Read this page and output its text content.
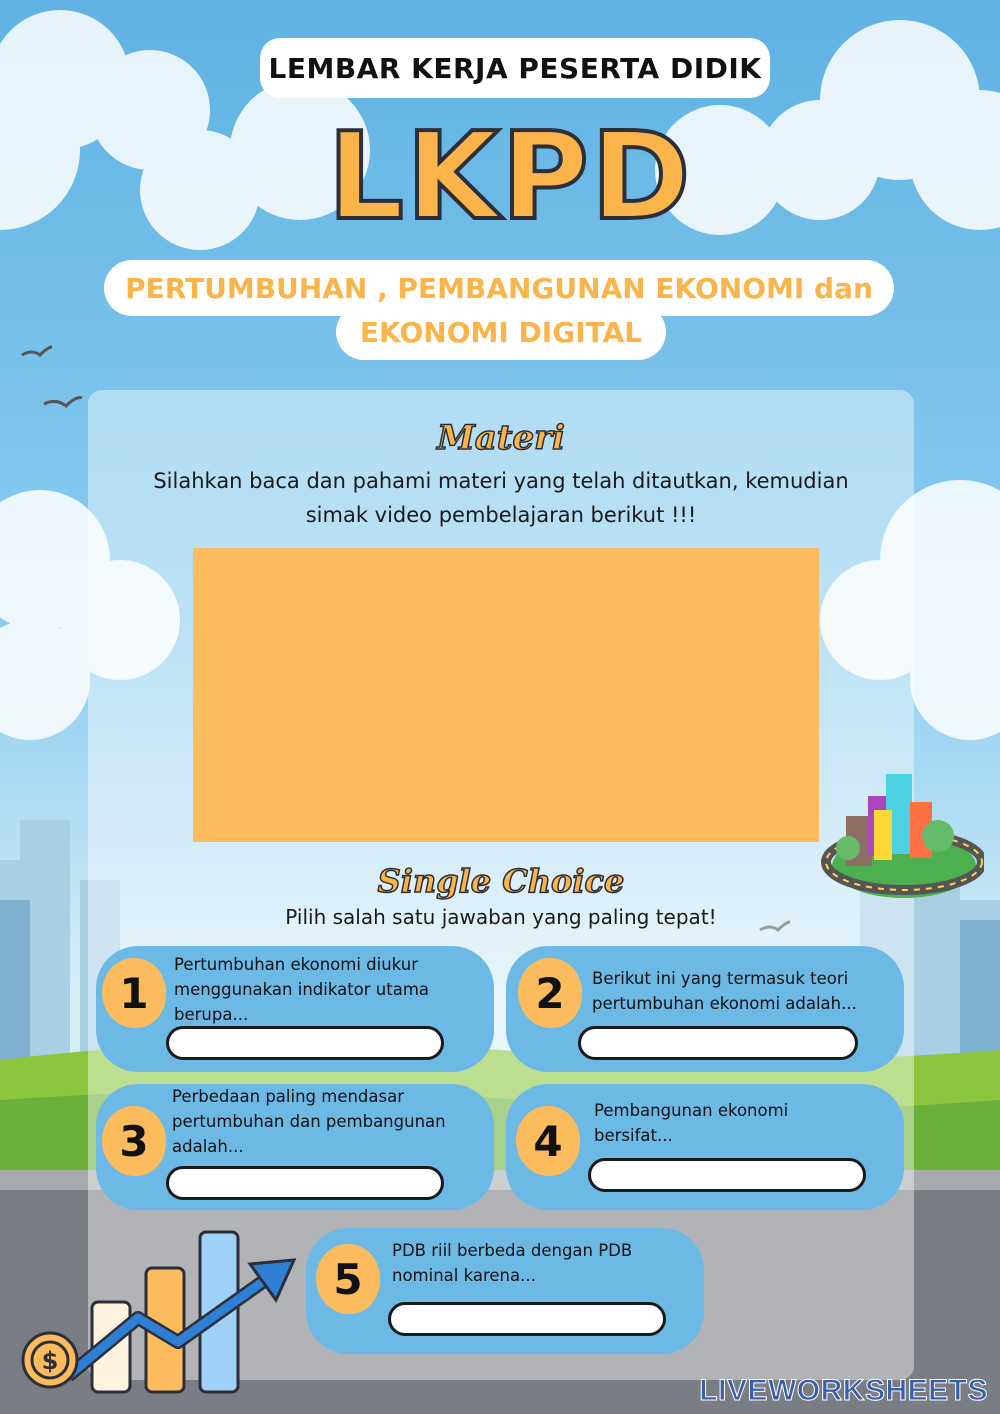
LEMBAR KERJA PESERTA DIDIK
LKPD
PERTUMBUHAN , PEMBANGUNAN EKONOMI dan
EKONOMI DIGITAL
Materi
Silahkan baca dan pahami materi yang telah ditautkan, kemudian
simak video pembelajaran berikut !!!
Single Choice
Pilih salah satu jawaban yang paling tepat!
1
Pertumbuhan ekonomi diukur
menggunakan indikator utama
berupa...	2	Berikut ini yang termasuk teori
pertumbuhan ekonomi adalah...
3
Perbedaan paling mendasar
pertumbuhan dan pembangunan
adalah...	4
Pembangunan ekonomi
bersifat...
5
PDB riil berbeda dengan PDB
nominal karena...
$
LIVEWORKSHEETS
